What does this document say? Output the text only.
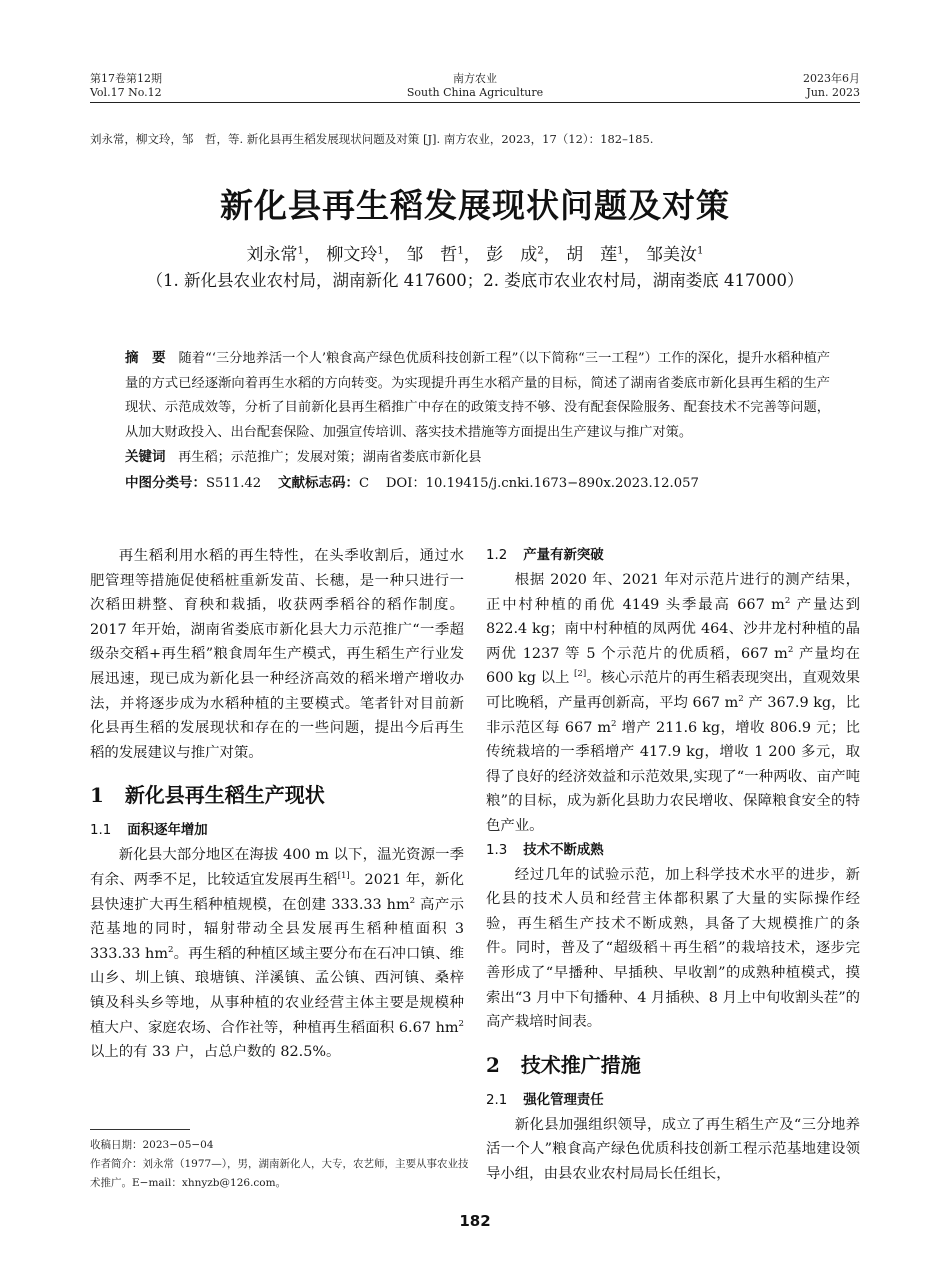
第17卷第12期
Vol.17 No.12
南方农业
South China Agriculture
2023年6月
Jun. 2023
刘永常，柳文玲，邹　哲，等. 新化县再生稻发展现状问题及对策 [J]. 南方农业，2023，17（12）：182–185.
新化县再生稻发展现状问题及对策
刘永常$^1$， 柳文玲$^1$， 邹　哲$^1$， 彭　成$^2$， 胡　莲$^1$， 邹美汝$^1$
（1. 新化县农业农村局，湖南新化 417600；2. 娄底市农业农村局，湖南娄底 417000）

摘　要 随着“‘三分地养活一个人’粮食高产绿色优质科技创新工程”（以下简称“三一工程”）工作的深化，提升水稻种植产量的方式已经逐渐向着再生水稻的方向转变。为实现提升再生水稻产量的目标，简述了湖南省娄底市新化县再生稻的生产现状、示范成效等，分析了目前新化县再生稻推广中存在的政策支持不够、没有配套保险服务、配套技术不完善等问题，从加大财政投入、出台配套保险、加强宣传培训、落实技术措施等方面提出生产建议与推广对策。

关键词 再生稻；示范推广；发展对策；湖南省娄底市新化县

中图分类号：S511.42 文献标志码：C DOI：10.19415/j.cnki.1673−890x.2023.12.057

再生稻利用水稻的再生特性，在头季收割后，通过水肥管理等措施促使稻桩重新发苗、长穗，是一种只进行一次稻田耕整、育秧和栽插，收获两季稻谷的稻作制度。2017 年开始，湖南省娄底市新化县大力示范推广“一季超级杂交稻+再生稻”粮食周年生产模式，再生稻生产行业发展迅速，现已成为新化县一种经济高效的稻米增产增收办法，并将逐步成为水稻种植的主要模式。笔者针对目前新化县再生稻的发展现状和存在的一些问题，提出今后再生稻的发展建议与推广对策。

1 新化县再生稻生产现状
1.1 面积逐年增加

新化县大部分地区在海拔 400 m 以下，温光资源一季有余、两季不足，比较适宜发展再生稻[1]。2021 年，新化县快速扩大再生稻种植规模，在创建 333.33 $hm^2$ 高产示范基地的同时，辐射带动全县发展再生稻种植面积 3 333.33 $hm^2$。再生稻的种植区域主要分布在石冲口镇、维山乡、圳上镇、琅塘镇、洋溪镇、孟公镇、西河镇、桑梓镇及科头乡等地，从事种植的农业经营主体主要是规模种植大户、家庭农场、合作社等，种植再生稻面积 6.67 $hm^2$ 以上的有 33 户，占总户数的 82.5%。

收稿日期：2023−05−04
作者简介：刘永常（1977—），男，湖南新化人，大专，农艺师，主要从事农业技术推广。E−mail：xhnyzb@126.com。
1.2 产量有新突破

根据 2020 年、2021 年对示范片进行的测产结果，正中村种植的甬优 4149 头季最高 667 $m^2$ 产量达到 822.4 kg；南中村种植的凤两优 464、沙井龙村种植的晶两优 1237 等 5 个示范片的优质稻，667 $m^2$ 产量均在 600 kg 以上 [2]。核心示范片的再生稻表现突出，直观效果可比晚稻，产量再创新高，平均 667 $m^2$ 产 367.9 kg，比非示范区每 667 $m^2$ 增产 211.6 kg，增收 806.9 元；比传统栽培的一季稻增产 417.9 kg，增收 1 200 多元，取得了良好的经济效益和示范效果,实现了“一种两收、亩产吨粮”的目标，成为新化县助力农民增收、保障粮食安全的特色产业。

1.3 技术不断成熟

经过几年的试验示范，加上科学技术水平的进步，新化县的技术人员和经营主体都积累了大量的实际操作经验，再生稻生产技术不断成熟，具备了大规模推广的条件。同时，普及了“超级稻＋再生稻”的栽培技术，逐步完善形成了“早播种、早插秧、早收割”的成熟种植模式，摸索出“3 月中下旬播种、4 月插秧、8 月上中旬收割头茬”的高产栽培时间表。

2 技术推广措施
2.1 强化管理责任

新化县加强组织领导，成立了再生稻生产及“三分地养活一个人”粮食高产绿色优质科技创新工程示范基地建设领导小组，由县农业农村局局长任组长，

182
